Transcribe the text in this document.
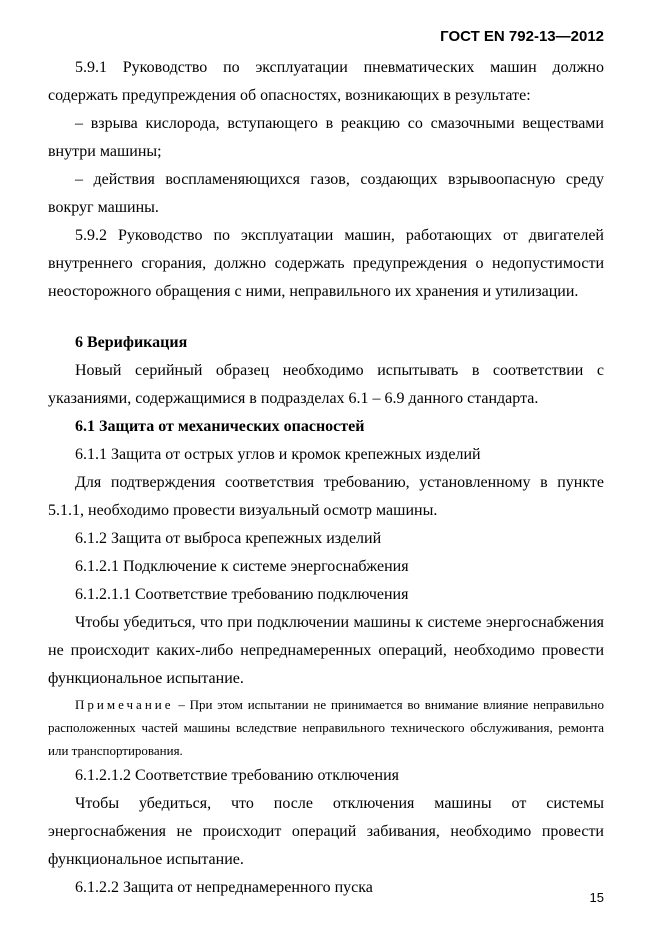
ГОСТ EN 792-13—2012

5.9.1 Руководство по эксплуатации пневматических машин должно содержать предупреждения об опасностях, возникающих в результате:

– взрыва кислорода, вступающего в реакцию со смазочными веществами внутри машины;

– действия воспламеняющихся газов, создающих взрывоопасную среду вокруг машины.

5.9.2 Руководство по эксплуатации машин, работающих от двигателей внутреннего сгорания, должно содержать предупреждения о недопустимости неосторожного обращения с ними, неправильного их хранения и утилизации.

6 Верификация

Новый серийный образец необходимо испытывать в соответствии с указаниями, содержащимися в подразделах 6.1 – 6.9 данного стандарта.

6.1 Защита от механических опасностей

6.1.1 Защита от острых углов и кромок крепежных изделий

Для подтверждения соответствия требованию, установленному в пункте 5.1.1, необходимо провести визуальный осмотр машины.

6.1.2 Защита от выброса крепежных изделий

6.1.2.1 Подключение к системе энергоснабжения

6.1.2.1.1 Соответствие требованию подключения

Чтобы убедиться, что при подключении машины к системе энергоснабжения не происходит каких-либо непреднамеренных операций, необходимо провести функциональное испытание.

Примечание – При этом испытании не принимается во внимание влияние неправильно расположенных частей машины вследствие неправильного технического обслуживания, ремонта или транспортирования.

6.1.2.1.2 Соответствие требованию отключения

Чтобы убедиться, что после отключения машины от системы энергоснабжения не происходит операций забивания, необходимо провести функциональное испытание.

6.1.2.2 Защита от непреднамеренного пуска

15
